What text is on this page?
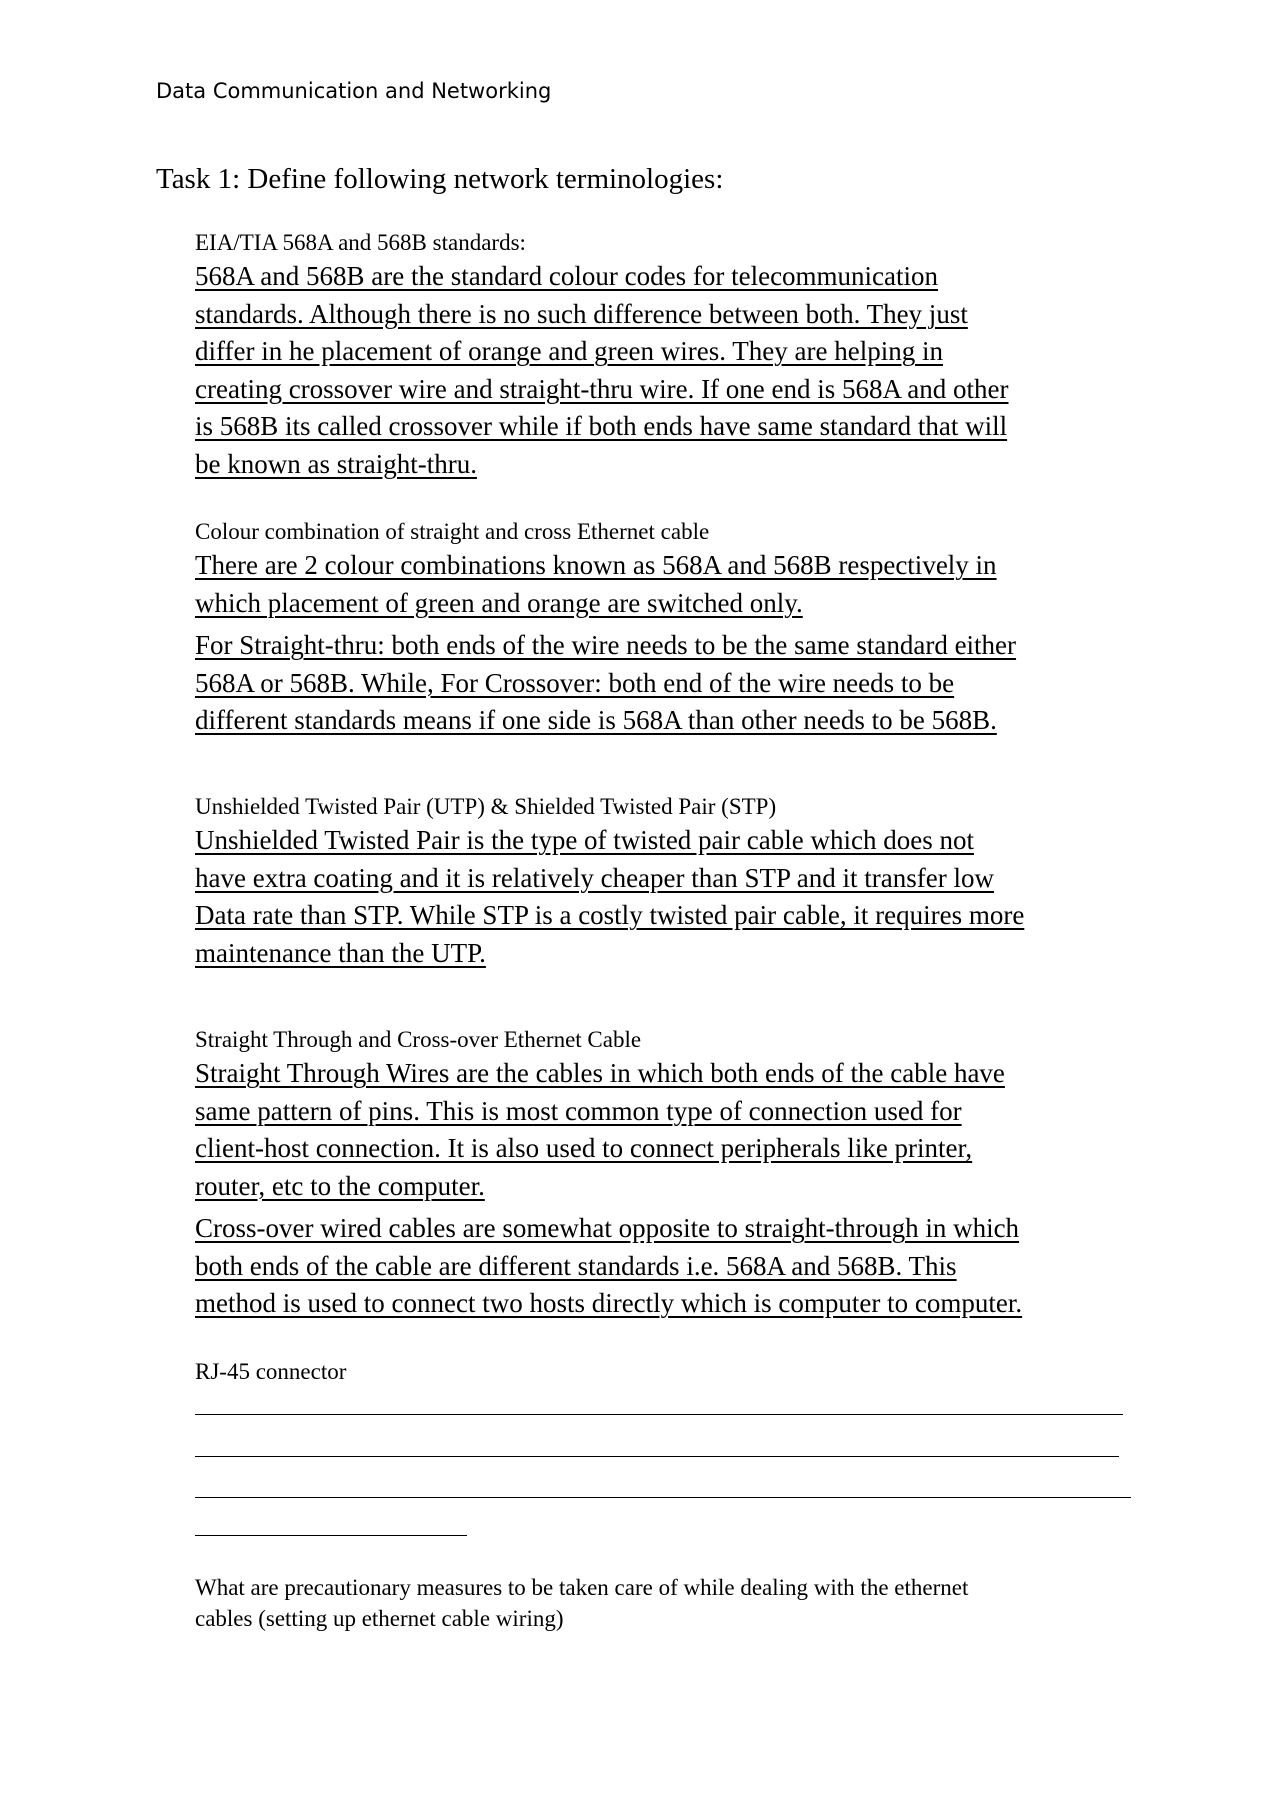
Data Communication and Networking
Task 1: Define following network terminologies:
EIA/TIA 568A and 568B standards:
568A and 568B are the standard colour codes for telecommunication
standards. Although there is no such difference between both. They just
differ in he placement of orange and green wires. They are helping in
creating crossover wire and straight-thru wire. If one end is 568A and other
is 568B its called crossover while if both ends have same standard that will
be known as straight-thru.
Colour combination of straight and cross Ethernet cable
There are 2 colour combinations known as 568A and 568B respectively in
which placement of green and orange are switched only.
For Straight-thru: both ends of the wire needs to be the same standard either
568A or 568B. While, For Crossover: both end of the wire needs to be
different standards means if one side is 568A than other needs to be 568B.
Unshielded Twisted Pair (UTP) & Shielded Twisted Pair (STP)
Unshielded Twisted Pair is the type of twisted pair cable which does not
have extra coating and it is relatively cheaper than STP and it transfer low
Data rate than STP. While STP is a costly twisted pair cable, it requires more
maintenance than the UTP.
Straight Through and Cross-over Ethernet Cable
Straight Through Wires are the cables in which both ends of the cable have
same pattern of pins. This is most common type of connection used for
client-host connection. It is also used to connect peripherals like printer,
router, etc to the computer.
Cross-over wired cables are somewhat opposite to straight-through in which
both ends of the cable are different standards i.e. 568A and 568B. This
method is used to connect two hosts directly which is computer to computer.
RJ-45 connector
What are precautionary measures to be taken care of while dealing with the ethernet
cables (setting up ethernet cable wiring)
